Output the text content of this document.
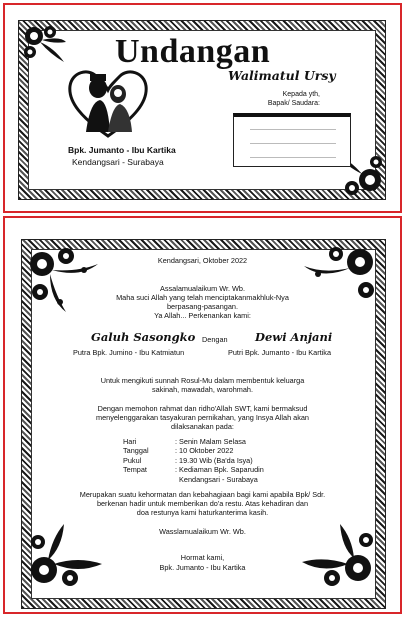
Undangan
Walimatul Ursy
Kepada yth,
Bapak/ Saudara:
Bpk. Jumanto - Ibu Kartika
Kendangsari - Surabaya
Kendangsari, Oktober 2022
Assalamualaikum Wr. Wb.
Maha suci Allah yang telah menciptakanmakhluk-Nya
berpasang-pasangan.
Ya Allah... Perkenankan kami:
Galuh Sasongko Dengan Dewi Anjani
Putra Bpk. Jumino - Ibu Katmiatun	Putri Bpk. Jumanto - Ibu Kartika
Untuk mengikuti sunnah Rosul-Mu dalam membentuk keluarga
sakinah, mawadah, warohmah.
Dengan memohon rahmat dan ridho'Allah SWT, kami bermaksud
menyelenggarakan tasyakuran pernikahan, yang Insya Allah akan
dilaksanakan pada:
Hari	: Senin Malam Selasa
Tanggal	: 10 Oktober 2022
Pukul	: 19.30 Wib (Ba'da Isya)
Tempat	: Kediaman Bpk. Saparudin
Kendangsari - Surabaya
Merupakan suatu kehormatan dan kebahagiaan bagi kami apabila Bpk/ Sdr.
berkenan hadir untuk memberikan do'a restu. Atas kehadiran dan
doa restunya kami haturkanterima kasih.
Wasslamualaikum Wr. Wb.
Hormat kami,
Bpk. Jumanto - Ibu Kartika
